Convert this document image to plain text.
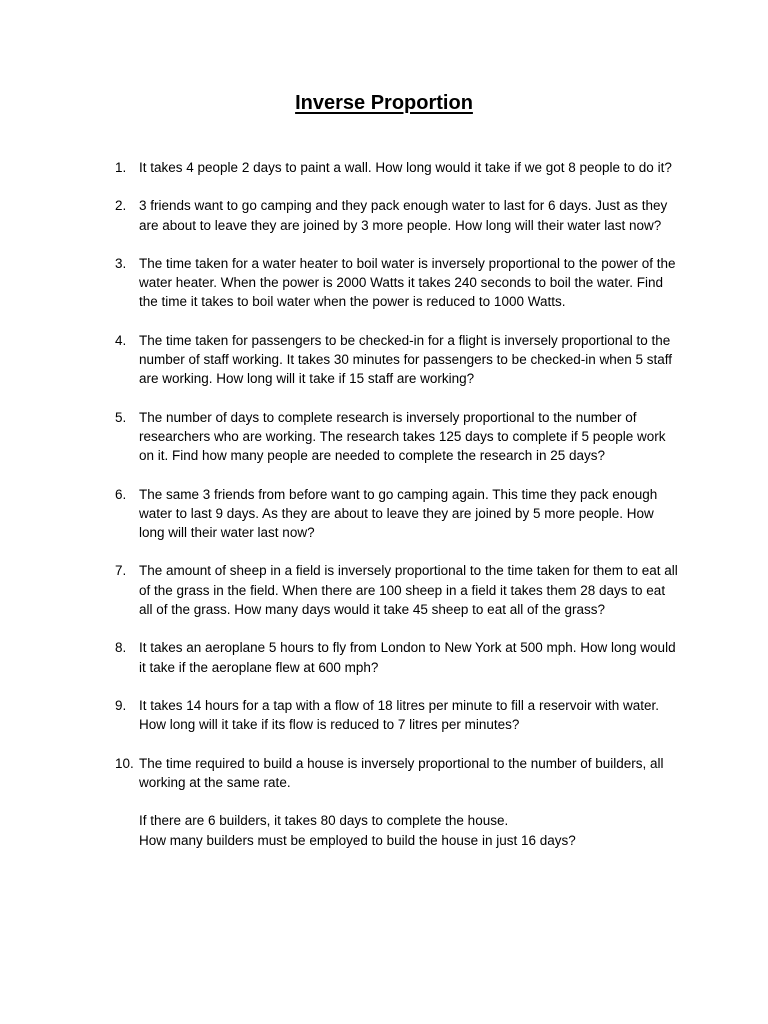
Inverse Proportion
1. It takes 4 people 2 days to paint a wall. How long would it take if we got 8 people to do it?
2. 3 friends want to go camping and they pack enough water to last for 6 days. Just as they are about to leave they are joined by 3 more people. How long will their water last now?
3. The time taken for a water heater to boil water is inversely proportional to the power of the water heater. When the power is 2000 Watts it takes 240 seconds to boil the water. Find the time it takes to boil water when the power is reduced to 1000 Watts.
4. The time taken for passengers to be checked-in for a flight is inversely proportional to the number of staff working. It takes 30 minutes for passengers to be checked-in when 5 staff are working. How long will it take if 15 staff are working?
5. The number of days to complete research is inversely proportional to the number of researchers who are working. The research takes 125 days to complete if 5 people work on it. Find how many people are needed to complete the research in 25 days?
6. The same 3 friends from before want to go camping again. This time they pack enough water to last 9 days. As they are about to leave they are joined by 5 more people. How long will their water last now?
7. The amount of sheep in a field is inversely proportional to the time taken for them to eat all of the grass in the field. When there are 100 sheep in a field it takes them 28 days to eat all of the grass. How many days would it take 45 sheep to eat all of the grass?
8. It takes an aeroplane 5 hours to fly from London to New York at 500 mph. How long would it take if the aeroplane flew at 600 mph?
9. It takes 14 hours for a tap with a flow of 18 litres per minute to fill a reservoir with water. How long will it take if its flow is reduced to 7 litres per minutes?
10. The time required to build a house is inversely proportional to the number of builders, all working at the same rate.
If there are 6 builders, it takes 80 days to complete the house.
How many builders must be employed to build the house in just 16 days?
